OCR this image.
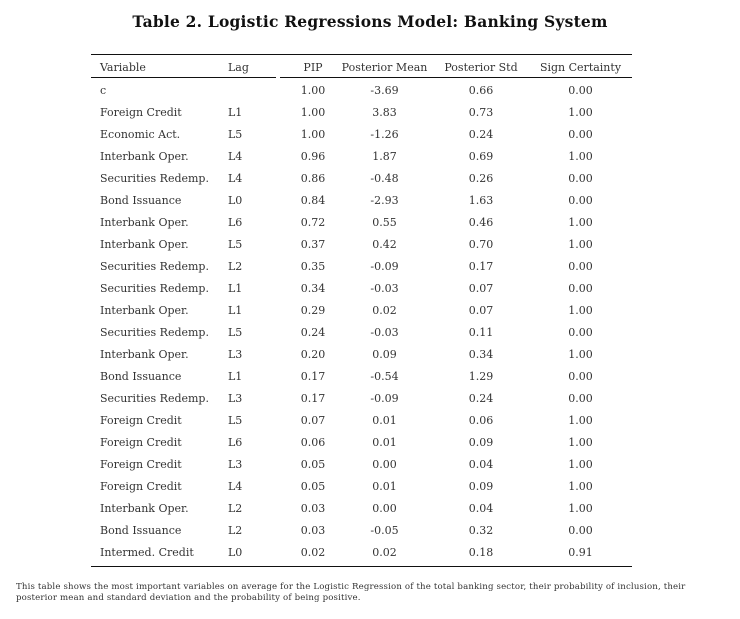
Table 2. Logistic Regressions Model: Banking System
Variable	Lag		PIP	Posterior Mean	Posterior Std	Sign Certainty
c			1.00	-3.69	0.66	0.00
Foreign Credit	L1		1.00	3.83	0.73	1.00
Economic Act.	L5		1.00	-1.26	0.24	0.00
Interbank Oper.	L4		0.96	1.87	0.69	1.00
Securities Redemp.	L4		0.86	-0.48	0.26	0.00
Bond Issuance	L0		0.84	-2.93	1.63	0.00
Interbank Oper.	L6		0.72	0.55	0.46	1.00
Interbank Oper.	L5		0.37	0.42	0.70	1.00
Securities Redemp.	L2		0.35	-0.09	0.17	0.00
Securities Redemp.	L1		0.34	-0.03	0.07	0.00
Interbank Oper.	L1		0.29	0.02	0.07	1.00
Securities Redemp.	L5		0.24	-0.03	0.11	0.00
Interbank Oper.	L3		0.20	0.09	0.34	1.00
Bond Issuance	L1		0.17	-0.54	1.29	0.00
Securities Redemp.	L3		0.17	-0.09	0.24	0.00
Foreign Credit	L5		0.07	0.01	0.06	1.00
Foreign Credit	L6		0.06	0.01	0.09	1.00
Foreign Credit	L3		0.05	0.00	0.04	1.00
Foreign Credit	L4		0.05	0.01	0.09	1.00
Interbank Oper.	L2		0.03	0.00	0.04	1.00
Bond Issuance	L2		0.03	-0.05	0.32	0.00
Intermed. Credit	L0		0.02	0.02	0.18	0.91
This table shows the most important variables on average for the Logistic Regression of the total banking sector, their probability of inclusion, their posterior mean and standard deviation and the probability of being positive.
